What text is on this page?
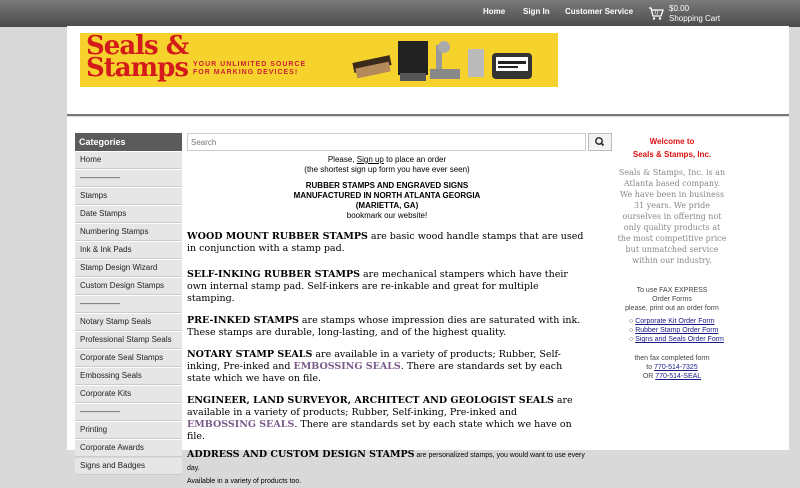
Home Sign In Customer Service	0
$0.00
Shopping Cart
Seals &
Stamps YOUR UNLIMITED SOURCE
FOR MARKING DEVICES!
Categories
Home
—————
Stamps
Date Stamps
Numbering Stamps
Ink & Ink Pads
Stamp Design Wizard
Custom Design Stamps
—————
Notary Stamp Seals
Professional Stamp Seals
Corporate Seal Stamps
Embossing Seals
Corporate Kits
—————
Printing
Corporate Awards
Signs and Badges
Search
Please, Sign up to place an order
(the shortest sign up form you have ever seen)
RUBBER STAMPS AND ENGRAVED SIGNS
MANUFACTURED IN NORTH ATLANTA GEORGIA
(MARIETTA, GA)
bookmark our website!
WOOD MOUNT RUBBER STAMPS are basic wood handle stamps that are used in conjunction with a stamp pad.
SELF-INKING RUBBER STAMPS are mechanical stampers which have their own internal stamp pad. Self-inkers are re-inkable and great for multiple stamping.
PRE-INKED STAMPS are stamps whose impression dies are saturated with ink. These stamps are durable, long-lasting, and of the highest quality.
NOTARY STAMP SEALS are available in a variety of products; Rubber, Self-inking, Pre-inked and EMBOSSING SEALS. There are standards set by each state which we have on file.
ENGINEER, LAND SURVEYOR, ARCHITECT AND GEOLOGIST SEALS are available in a variety of products; Rubber, Self-inking, Pre-inked and EMBOSSING SEALS. There are standards set by each state which we have on file.
ADDRESS AND CUSTOM DESIGN STAMPS are personalized stamps, you would want to use every day.
Available in a variety of products too.
Welcome to
Seals & Stamps, Inc.
Seals & Stamps, Inc. is an Atlanta based company. We have been in business 31 years. We pride ourselves in offering not only quality products at the most competitive price but unmatched service within our industry.
To use FAX EXPRESS
Order Forms
please, print out an order form
○ Corporate Kit Order Form
○ Rubber Stamp Order Form
○ Signs and Seals Order Form
then fax completed form
to 770-514-7325
OR 770-514-SEAL
